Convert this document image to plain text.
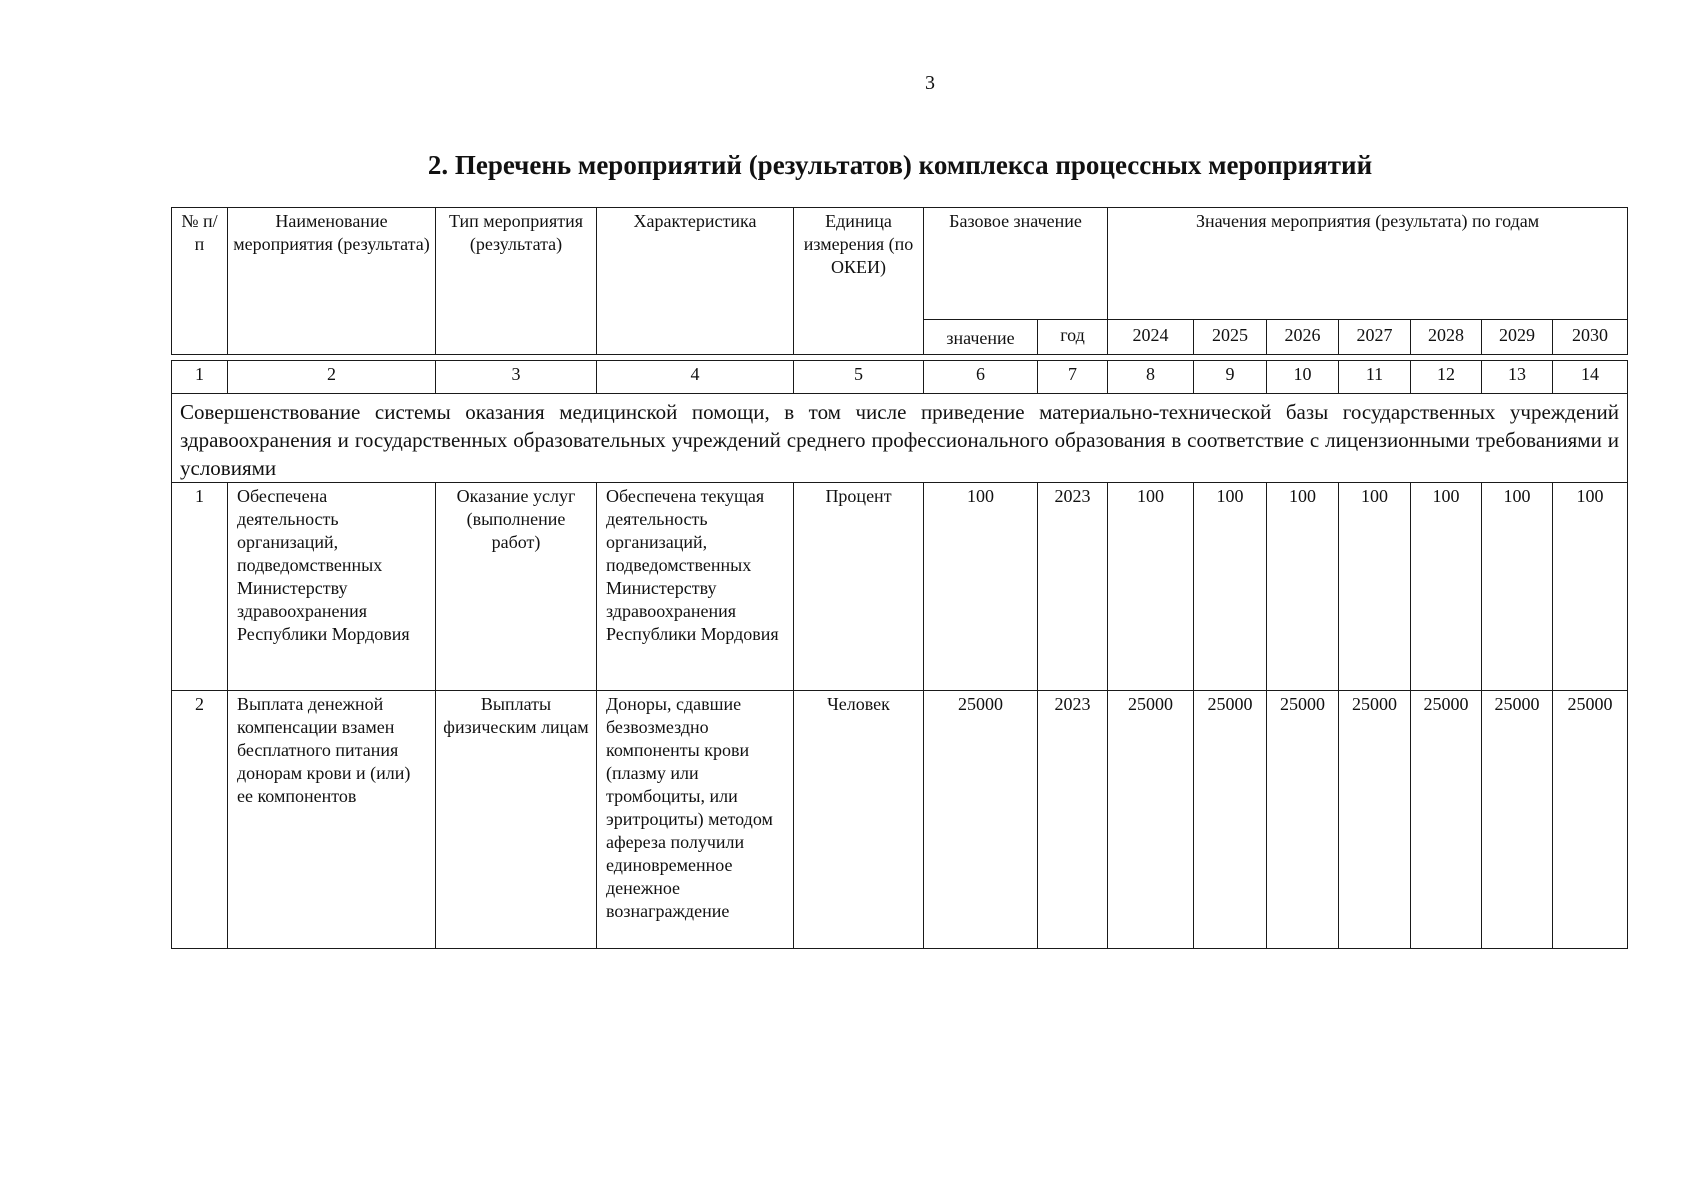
3
2. Перечень мероприятий (результатов) комплекса процессных мероприятий
№ п/п	Наименование мероприятия (результата)	Тип мероприятия (результата)	Характеристика	Единица измерения (по ОКЕИ)	Базовое значение		Значения мероприятия (результата) по годам						
					значение	год	2024	2025	2026	2027	2028	2029	2030
1	2	3	4	5	6	7	8	9	10	11	12	13	14
Совершенствование системы оказания медицинской помощи, в том числе приведение материально-технической базы государственных учреждений здравоохранения и государственных образовательных учреждений среднего профессионального образования в соответствие с лицензионными требованиями и условиями													
1	Обеспечена деятельность организаций, подведомственных Министерству здравоохранения Республики Мордовия	Оказание услуг (выполнение работ)	Обеспечена текущая деятельность организаций, подведомственных Министерству здравоохранения Республики Мордовия	Процент	100	2023	100	100	100	100	100	100	100
2	Выплата денежной компенсации взамен бесплатного питания донорам крови и (или) ее компонентов	Выплаты физическим лицам	Доноры, сдавшие безвозмездно компоненты крови (плазму или тромбоциты, или эритроциты) методом афереза получили единовременное денежное вознаграждение	Человек	25000	2023	25000	25000	25000	25000	25000	25000	25000
